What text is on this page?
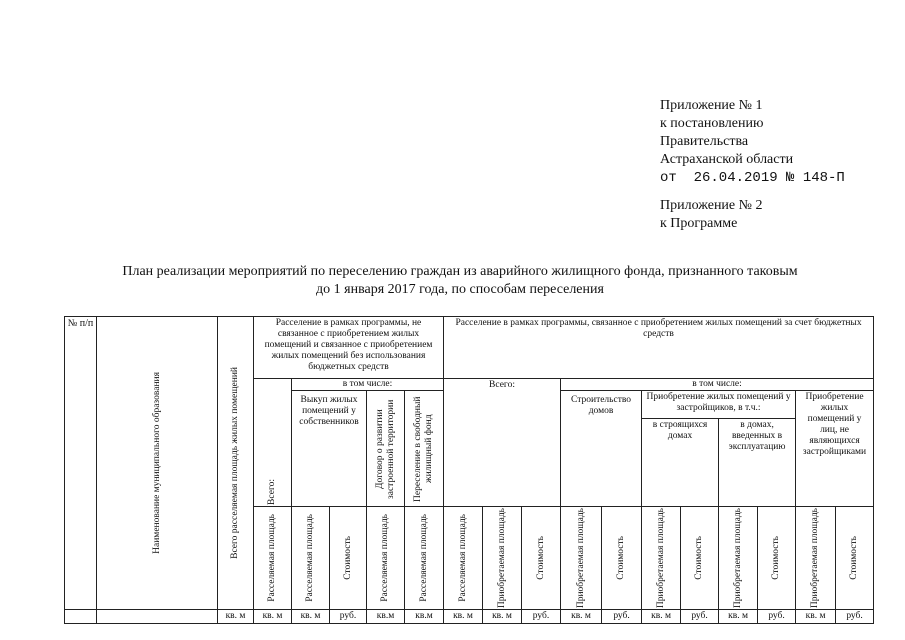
Приложение № 1
к постановлению
Правительства
Астраханской области
от  26.04.2019 № 148-П
Приложение № 2
к Программе
План реализации мероприятий по переселению граждан из аварийного жилищного фонда, признанного таковым
до 1 января 2017 года, по способам переселения
№ п/п	Наименование муниципального образования	Всего расселяемая площадь жилых помещений	Расселение в рамках программы, не связанное с приобретением жилых помещений и связанное с приобретением жилых помещений без использования бюджетных средств					Расселение в рамках программы, связанное с приобретением жилых помещений за счет бюджетных средств										

			Всего:	в том числе:				Всего:			в том числе:							
				Выкуп жилых помещений у собственников		Договор о развитии застроенной территории	Переселение в свободный жилищный фонд				Строительство домов		Приобретение жилых помещений у застройщиков, в т.ч.:				Приобретение жилых помещений у лиц, не являющихся застройщиками	
													в строящихся домах		в домах, введенных в эксплуатацию			

			Расселяемая площадь	Расселяемая площадь	Стоимость	Расселяемая площадь	Расселяемая площадь	Расселяемая площадь	Приобретаемая площадь	Стоимость	Приобретаемая площадь	Стоимость	Приобретаемая площадь	Стоимость	Приобретаемая площадь	Стоимость	Приобретаемая площадь	Стоимость

		кв. м	кв. м	кв. м	руб.	кв.м	кв.м	кв. м	кв. м	руб.	кв. м	руб.	кв. м	руб.	кв. м	руб.	кв. м	руб.
